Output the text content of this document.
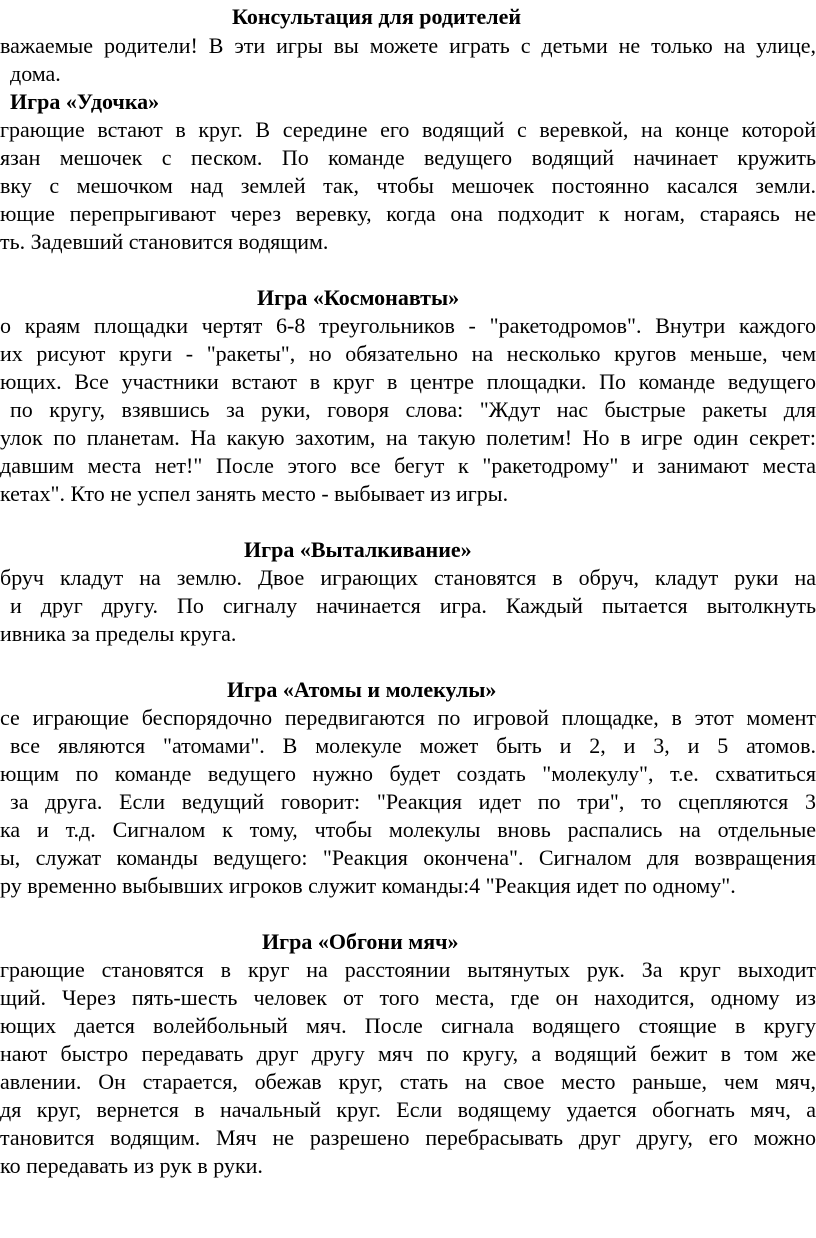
Консультация для родителей
важаемые родители! В эти игры вы можете играть с детьми не только на улице,
дома.
Игра «Удочка»
грающие встают в круг. В середине его водящий с веревкой, на конце которой
язан мешочек с песком. По команде ведущего водящий начинает кружить
вку с мешочком над землей так, чтобы мешочек постоянно касался земли.
ющие перепрыгивают через веревку, когда она подходит к ногам, стараясь не
ть. Задевший становится водящим.
Игра «Космонавты»
о краям площадки чертят 6-8 треугольников - "ракетодромов". Внутри каждого
их рисуют круги - "ракеты", но обязательно на несколько кругов меньше, чем
ющих. Все участники встают в круг в центре площадки. По команде ведущего
по кругу, взявшись за руки, говоря слова: "Ждут нас быстрые ракеты для
улок по планетам. На какую захотим, на такую полетим! Но в игре один секрет:
давшим места нет!" После этого все бегут к "ракетодрому" и занимают места
кетах". Кто не успел занять место - выбывает из игры.
Игра «Выталкивание»
бруч кладут на землю. Двое играющих становятся в обруч, кладут руки на
и друг другу. По сигналу начинается игра. Каждый пытается вытолкнуть
ивника за пределы круга.
Игра «Атомы и молекулы»
се играющие беспорядочно передвигаются по игровой площадке, в этот момент
все являются "атомами". В молекуле может быть и 2, и 3, и 5 атомов.
ющим по команде ведущего нужно будет создать "молекулу", т.е. схватиться
за друга. Если ведущий говорит: "Реакция идет по три", то сцепляются 3
ка и т.д. Сигналом к тому, чтобы молекулы вновь распались на отдельные
ы, служат команды ведущего: "Реакция окончена". Сигналом для возвращения
ру временно выбывших игроков служит команды:4 "Реакция идет по одному".
Игра «Обгони мяч»
грающие становятся в круг на расстоянии вытянутых рук. За круг выходит
щий. Через пять-шесть человек от того места, где он находится, одному из
ющих дается волейбольный мяч. После сигнала водящего стоящие в кругу
нают быстро передавать друг другу мяч по кругу, а водящий бежит в том же
авлении. Он старается, обежав круг, стать на свое место раньше, чем мяч,
дя круг, вернется в начальный круг. Если водящему удается обогнать мяч, а
тановится водящим. Мяч не разрешено перебрасывать друг другу, его можно
ко передавать из рук в руки.
